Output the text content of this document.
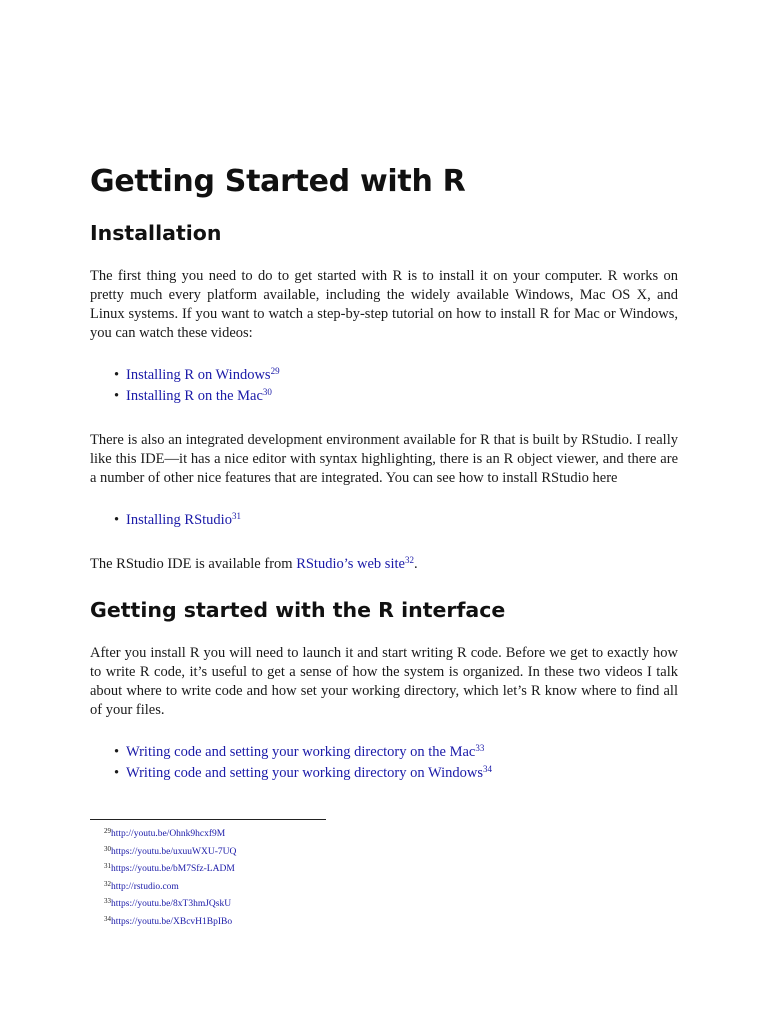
Getting Started with R
Installation

The first thing you need to do to get started with R is to install it on your computer. R works on pretty much every platform available, including the widely available Windows, Mac OS X, and Linux systems. If you want to watch a step-by-step tutorial on how to install R for Mac or Windows, you can watch these videos:

• Installing R on Windows$^{29}$
• Installing R on the Mac$^{30}$

There is also an integrated development environment available for R that is built by RStudio. I really like this IDE—it has a nice editor with syntax highlighting, there is an R object viewer, and there are a number of other nice features that are integrated. You can see how to install RStudio here

• Installing RStudio$^{31}$

The RStudio IDE is available from RStudio’s web site$^{32}$.

Getting started with the R interface

After you install R you will need to launch it and start writing R code. Before we get to exactly how to write R code, it’s useful to get a sense of how the system is organized. In these two videos I talk about where to write code and how set your working directory, which let’s R know where to find all of your files.

• Writing code and setting your working directory on the Mac$^{33}$
• Writing code and setting your working directory on Windows$^{34}$
$^{29}$http://youtu.be/Ohnk9hcxf9M
$^{30}$https://youtu.be/uxuuWXU-7UQ
$^{31}$https://youtu.be/bM7Sfz-LADM
$^{32}$http://rstudio.com
$^{33}$https://youtu.be/8xT3hmJQskU
$^{34}$https://youtu.be/XBcvH1BpIBo
